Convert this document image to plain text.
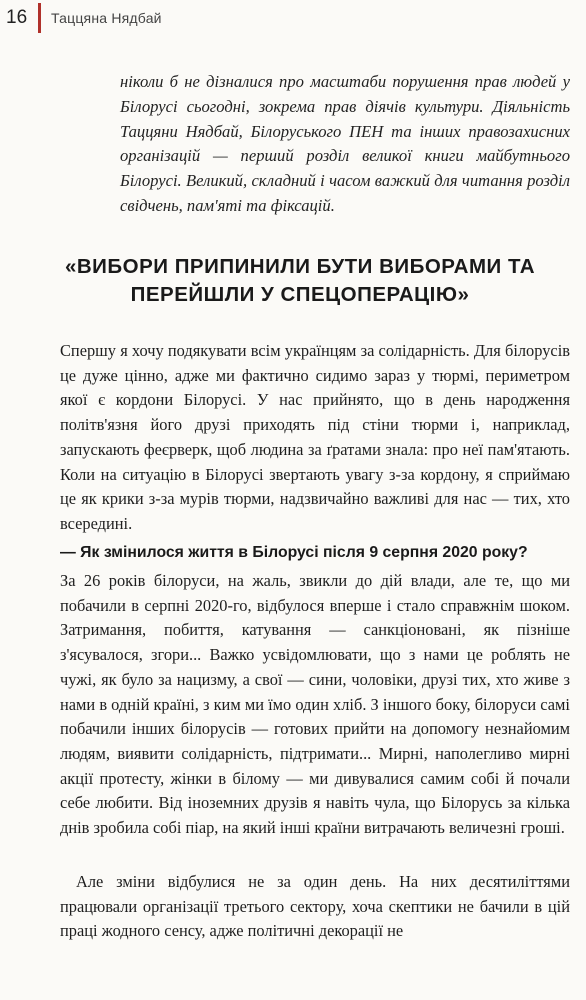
16	Таццяна Нядбай

ніколи б не дізналися про масштаби порушення прав людей у Білорусі сьогодні, зокрема прав діячів культури. Діяльність Таццяни Нядбай, Білоруського ПЕН та інших правозахисних організацій — перший розділ великої книги майбутнього Білорусі. Великий, складний і часом важкий для читання розділ свідчень, пам'яті та фіксацій.

«ВИБОРИ ПРИПИНИЛИ БУТИ ВИБОРАМИ ТА ПЕРЕЙШЛИ У СПЕЦОПЕРАЦІЮ»

Спершу я хочу подякувати всім українцям за солідарність. Для білорусів це дуже цінно, адже ми фактично сидимо зараз у тюрмі, периметром якої є кордони Білорусі. У нас прийнято, що в день народження політв'язня його друзі приходять під стіни тюрми і, наприклад, запускають феєрверк, щоб людина за ґратами знала: про неї пам'ятають. Коли на ситуацію в Білорусі звертають увагу з-за кордону, я сприймаю це як крики з-за мурів тюрми, надзвичайно важливі для нас — тих, хто всередині.

— Як змінилося життя в Білорусі після 9 серпня 2020 року?

За 26 років білоруси, на жаль, звикли до дій влади, але те, що ми побачили в серпні 2020-го, відбулося вперше і стало справжнім шоком. Затримання, побиття, катування — санкціоновані, як пізніше з'ясувалося, згори... Важко усвідомлювати, що з нами це роблять не чужі, як було за нацизму, а свої — сини, чоловіки, друзі тих, хто живе з нами в одній країні, з ким ми їмо один хліб. З іншого боку, білоруси самі побачили інших білорусів — готових прийти на допомогу незнайомим людям, виявити солідарність, підтримати... Мирні, наполегливо мирні акції протесту, жінки в білому — ми дивувалися самим собі й почали себе любити. Від іноземних друзів я навіть чула, що Білорусь за кілька днів зробила собі піар, на який інші країни витрачають величезні гроші.

Але зміни відбулися не за один день. На них десятиліттями працювали організації третього сектору, хоча скептики не бачили в цій праці жодного сенсу, адже політичні декорації не
